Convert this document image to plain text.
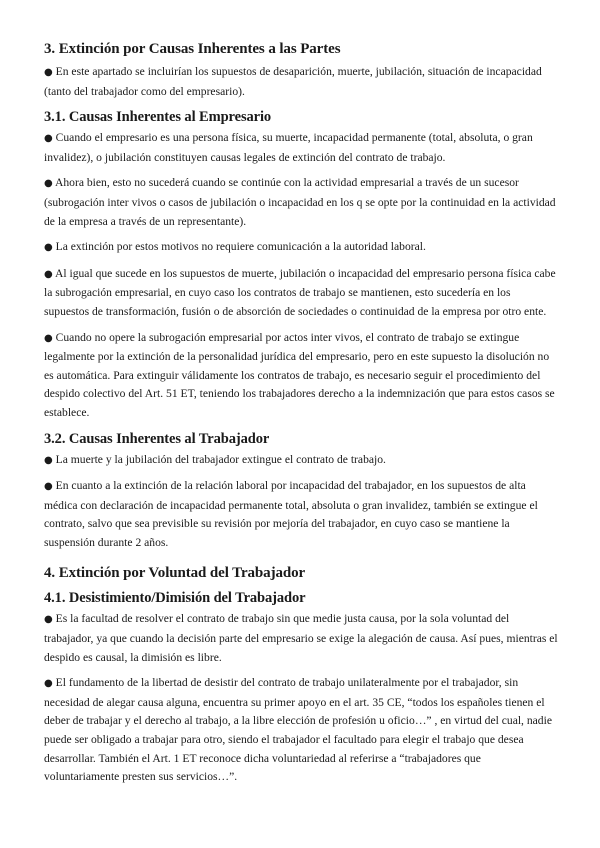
3. Extinción por Causas Inherentes a las Partes
● En este apartado se incluirían los supuestos de desaparición, muerte, jubilación, situación de incapacidad (tanto del trabajador como del empresario).
3.1. Causas Inherentes al Empresario
● Cuando el empresario es una persona física, su muerte, incapacidad permanente (total, absoluta, o gran invalidez), o jubilación constituyen causas legales de extinción del contrato de trabajo.
● Ahora bien, esto no sucederá cuando se continúe con la actividad empresarial a través de un sucesor (subrogación inter vivos o casos de jubilación o incapacidad en los q se opte por la continuidad en la actividad de la empresa a través de un representante).
● La extinción por estos motivos no requiere comunicación a la autoridad laboral.
● Al igual que sucede en los supuestos de muerte, jubilación o incapacidad del empresario persona física cabe la subrogación empresarial, en cuyo caso los contratos de trabajo se mantienen, esto sucedería en los supuestos de transformación, fusión o de absorción de sociedades o continuidad de la empresa por otro ente.
● Cuando no opere la subrogación empresarial por actos inter vivos, el contrato de trabajo se extingue legalmente por la extinción de la personalidad jurídica del empresario, pero en este supuesto la disolución no es automática. Para extinguir válidamente los contratos de trabajo, es necesario seguir el procedimiento del despido colectivo del Art. 51 ET, teniendo los trabajadores derecho a la indemnización que para estos casos se establece.
3.2. Causas Inherentes al Trabajador
● La muerte y la jubilación del trabajador extingue el contrato de trabajo.
● En cuanto a la extinción de la relación laboral por incapacidad del trabajador, en los supuestos de alta médica con declaración de incapacidad permanente total, absoluta o gran invalidez, también se extingue el contrato, salvo que sea previsible su revisión por mejoría del trabajador, en cuyo caso se mantiene la suspensión durante 2 años.
4. Extinción por Voluntad del Trabajador
4.1. Desistimiento/Dimisión del Trabajador
● Es la facultad de resolver el contrato de trabajo sin que medie justa causa, por la sola voluntad del trabajador, ya que cuando la decisión parte del empresario se exige la alegación de causa. Así pues, mientras el despido es causal, la dimisión es libre.
● El fundamento de la libertad de desistir del contrato de trabajo unilateralmente por el trabajador, sin necesidad de alegar causa alguna, encuentra su primer apoyo en el art. 35 CE, “todos los españoles tienen el deber de trabajar y el derecho al trabajo, a la libre elección de profesión u oficio…” , en virtud del cual, nadie puede ser obligado a trabajar para otro, siendo el trabajador el facultado para elegir el trabajo que desea desarrollar. También el Art. 1 ET reconoce dicha voluntariedad al referirse a “trabajadores que voluntariamente presten sus servicios…”.
